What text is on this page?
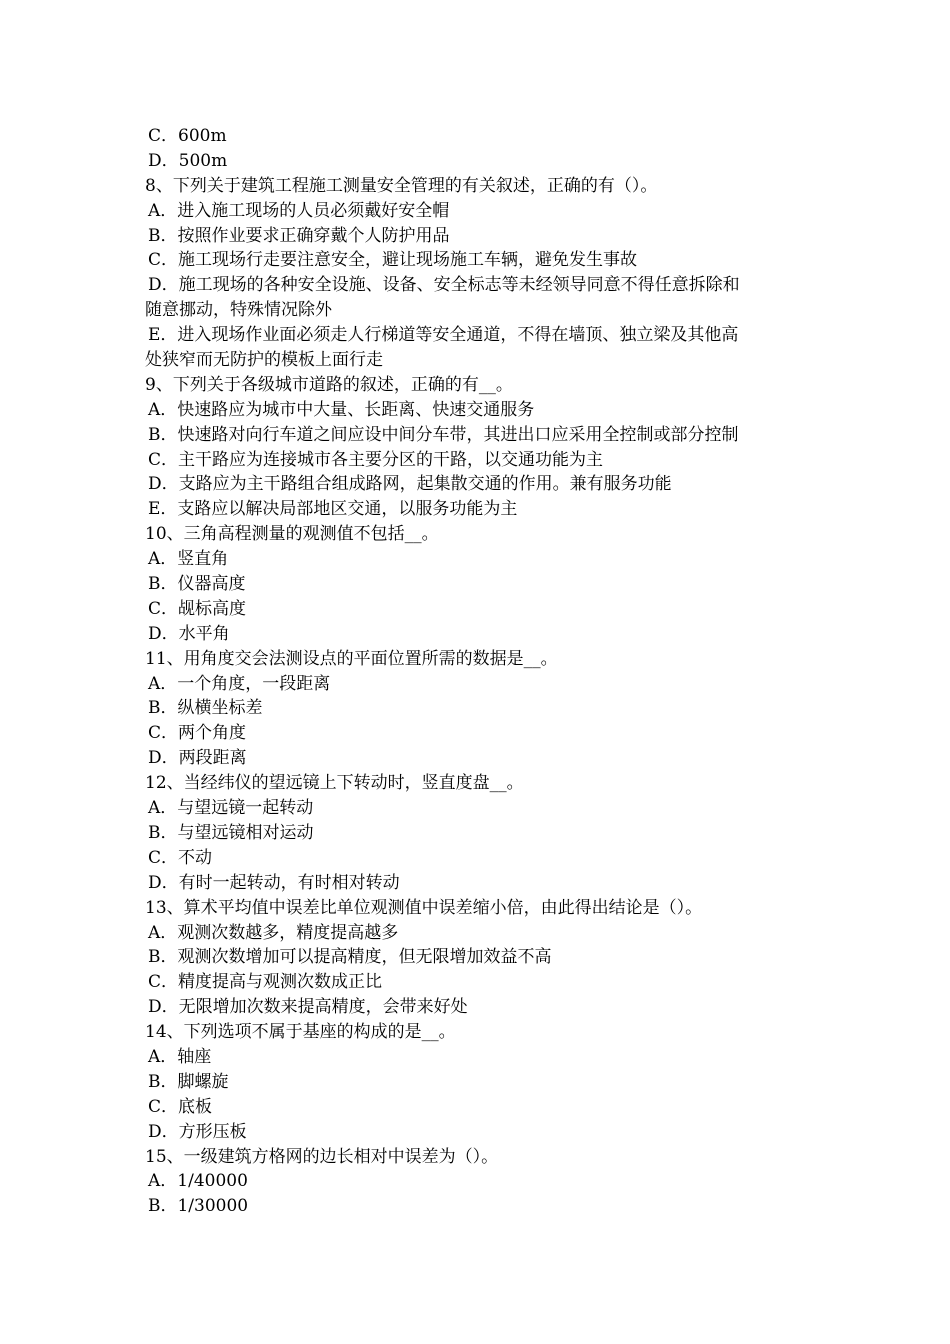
C．600m
D．500m
8、下列关于建筑工程施工测量安全管理的有关叙述，正确的有（）。
A．进入施工现场的人员必须戴好安全帽
B．按照作业要求正确穿戴个人防护用品
C．施工现场行走要注意安全，避让现场施工车辆，避免发生事故
D．施工现场的各种安全设施、设备、安全标志等未经领导同意不得任意拆除和
随意挪动，特殊情况除外
E．进入现场作业面必须走人行梯道等安全通道，不得在墙顶、独立梁及其他高
处狭窄而无防护的模板上面行走
9、下列关于各级城市道路的叙述，正确的有__。
A．快速路应为城市中大量、长距离、快速交通服务
B．快速路对向行车道之间应设中间分车带，其进出口应采用全控制或部分控制
C．主干路应为连接城市各主要分区的干路，以交通功能为主
D．支路应为主干路组合组成路网，起集散交通的作用。兼有服务功能
E．支路应以解决局部地区交通，以服务功能为主
10、三角高程测量的观测值不包括__。
A．竖直角
B．仪器高度
C．觇标高度
D．水平角
11、用角度交会法测设点的平面位置所需的数据是__。
A．一个角度，一段距离
B．纵横坐标差
C．两个角度
D．两段距离
12、当经纬仪的望远镜上下转动时，竖直度盘__。
A．与望远镜一起转动
B．与望远镜相对运动
C．不动
D．有时一起转动，有时相对转动
13、算术平均值中误差比单位观测值中误差缩小倍，由此得出结论是（）。
A．观测次数越多，精度提高越多
B．观测次数增加可以提高精度，但无限增加效益不高
C．精度提高与观测次数成正比
D．无限增加次数来提高精度，会带来好处
14、下列选项不属于基座的构成的是__。
A．轴座
B．脚螺旋
C．底板
D．方形压板
15、一级建筑方格网的边长相对中误差为（）。
A．1/40000
B．1/30000
